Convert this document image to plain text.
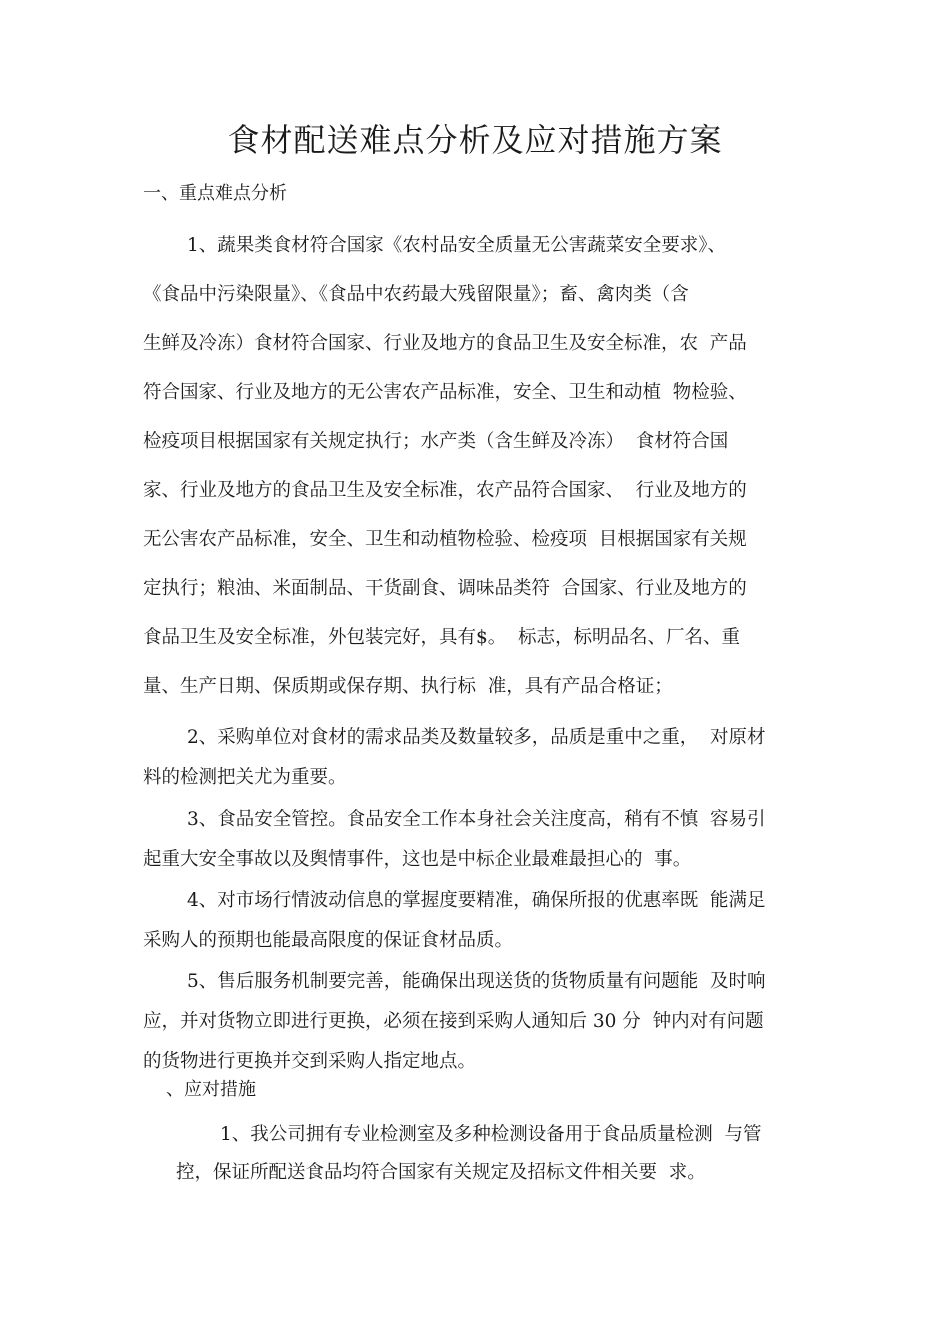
食材配送难点分析及应对措施方案
一、重点难点分析
1、蔬果类食材符合国家《农村品安全质量无公害蔬菜安全要求》、
《食品中污染限量》、《食品中农药最大残留限量》；畜、禽肉类（含
生鲜及冷冻）食材符合国家、行业及地方的食品卫生及安全标准，农  产品
符合国家、行业及地方的无公害农产品标准，安全、卫生和动植  物检验、
检疫项目根据国家有关规定执行；水产类（含生鲜及冷冻）  食材符合国
家、行业及地方的食品卫生及安全标准，农产品符合国家、  行业及地方的
无公害农产品标准，安全、卫生和动植物检验、检疫项  目根据国家有关规
定执行；粮油、米面制品、干货副食、调味品类符  合国家、行业及地方的
食品卫生及安全标准，外包装完好，具有$。  标志，标明品名、厂名、重
量、生产日期、保质期或保存期、执行标  准，具有产品合格证；
2、采购单位对食材的需求品类及数量较多，品质是重中之重，  对原材
料的检测把关尤为重要。
3、食品安全管控。食品安全工作本身社会关注度高，稍有不慎  容易引
起重大安全事故以及舆情事件，这也是中标企业最难最担心的  事。
4、对市场行情波动信息的掌握度要精准，确保所报的优惠率既  能满足
采购人的预期也能最高限度的保证食材品质。
5、售后服务机制要完善，能确保出现送货的货物质量有问题能  及时响
应，并对货物立即进行更换，必须在接到采购人通知后 30 分  钟内对有问题
的货物进行更换并交到采购人指定地点。
、应对措施
1、我公司拥有专业检测室及多种检测设备用于食品质量检测  与管
控，保证所配送食品均符合国家有关规定及招标文件相关要  求。
